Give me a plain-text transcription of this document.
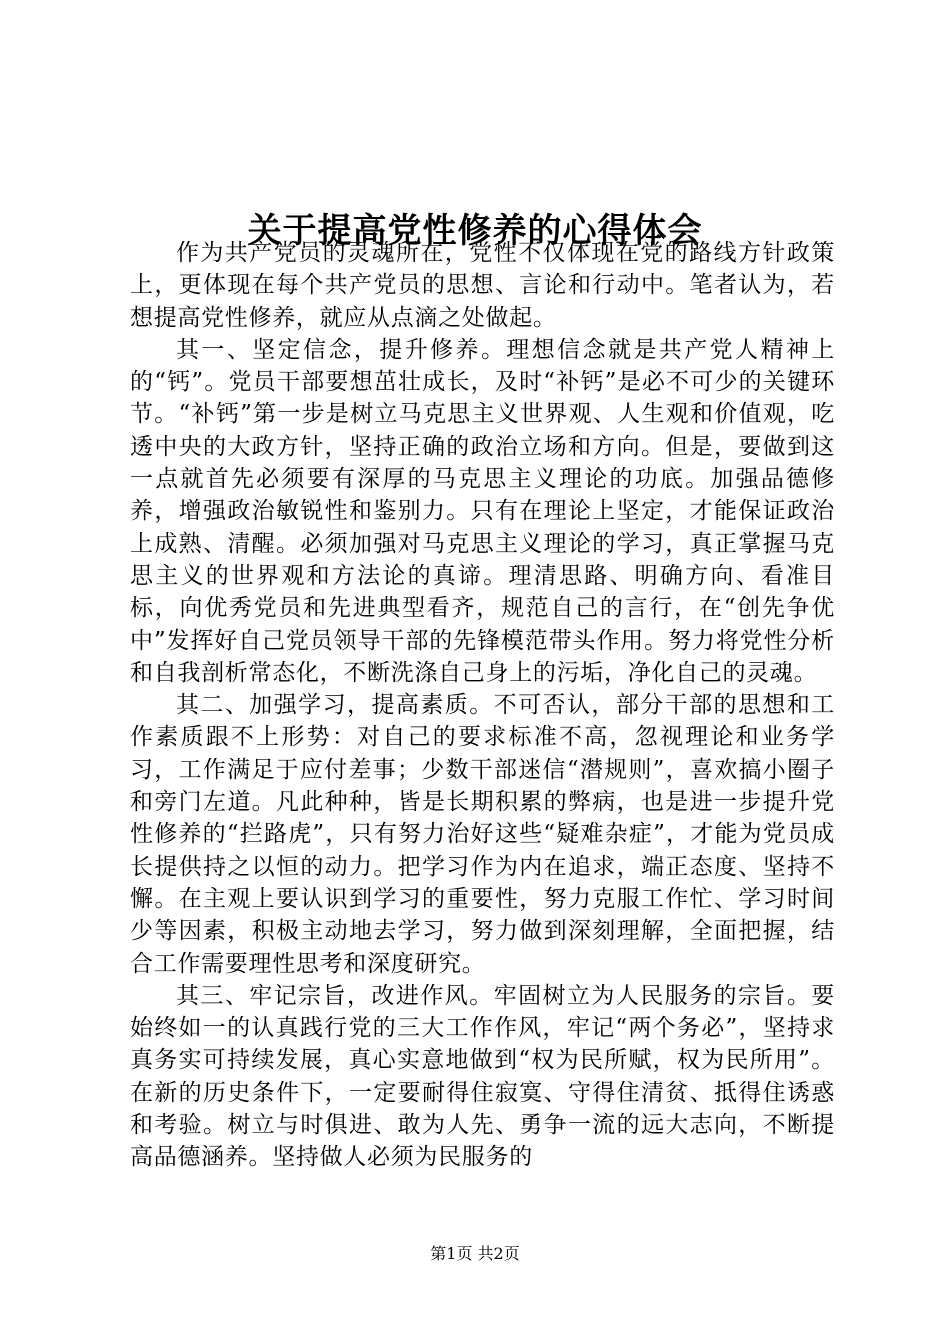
关于提高党性修养的心得体会

作为共产党员的灵魂所在，党性不仅体现在党的路线方针政策上，更体现在每个共产党员的思想、言论和行动中。笔者认为，若想提高党性修养，就应从点滴之处做起。

其一、坚定信念，提升修养。理想信念就是共产党人精神上的“钙”。党员干部要想茁壮成长，及时“补钙”是必不可少的关键环节。“补钙”第一步是树立马克思主义世界观、人生观和价值观，吃透中央的大政方针，坚持正确的政治立场和方向。但是，要做到这一点就首先必须要有深厚的马克思主义理论的功底。加强品德修养，增强政治敏锐性和鉴别力。只有在理论上坚定，才能保证政治上成熟、清醒。必须加强对马克思主义理论的学习，真正掌握马克思主义的世界观和方法论的真谛。理清思路、明确方向、看准目标，向优秀党员和先进典型看齐，规范自己的言行，在“创先争优中”发挥好自己党员领导干部的先锋模范带头作用。努力将党性分析和自我剖析常态化，不断洗涤自己身上的污垢，净化自己的灵魂。

其二、加强学习，提高素质。不可否认，部分干部的思想和工作素质跟不上形势：对自己的要求标准不高，忽视理论和业务学习，工作满足于应付差事；少数干部迷信“潜规则”，喜欢搞小圈子和旁门左道。凡此种种，皆是长期积累的弊病，也是进一步提升党性修养的“拦路虎”，只有努力治好这些“疑难杂症”，才能为党员成长提供持之以恒的动力。把学习作为内在追求，端正态度、坚持不懈。在主观上要认识到学习的重要性，努力克服工作忙、学习时间少等因素，积极主动地去学习，努力做到深刻理解，全面把握，结合工作需要理性思考和深度研究。

其三、牢记宗旨，改进作风。牢固树立为人民服务的宗旨。要始终如一的认真践行党的三大工作作风，牢记“两个务必”，坚持求真务实可持续发展，真心实意地做到“权为民所赋，权为民所用”。在新的历史条件下，一定要耐得住寂寞、守得住清贫、抵得住诱惑和考验。树立与时俱进、敢为人先、勇争一流的远大志向，不断提高品德涵养。坚持做人必须为民服务的

第1页 共2页
